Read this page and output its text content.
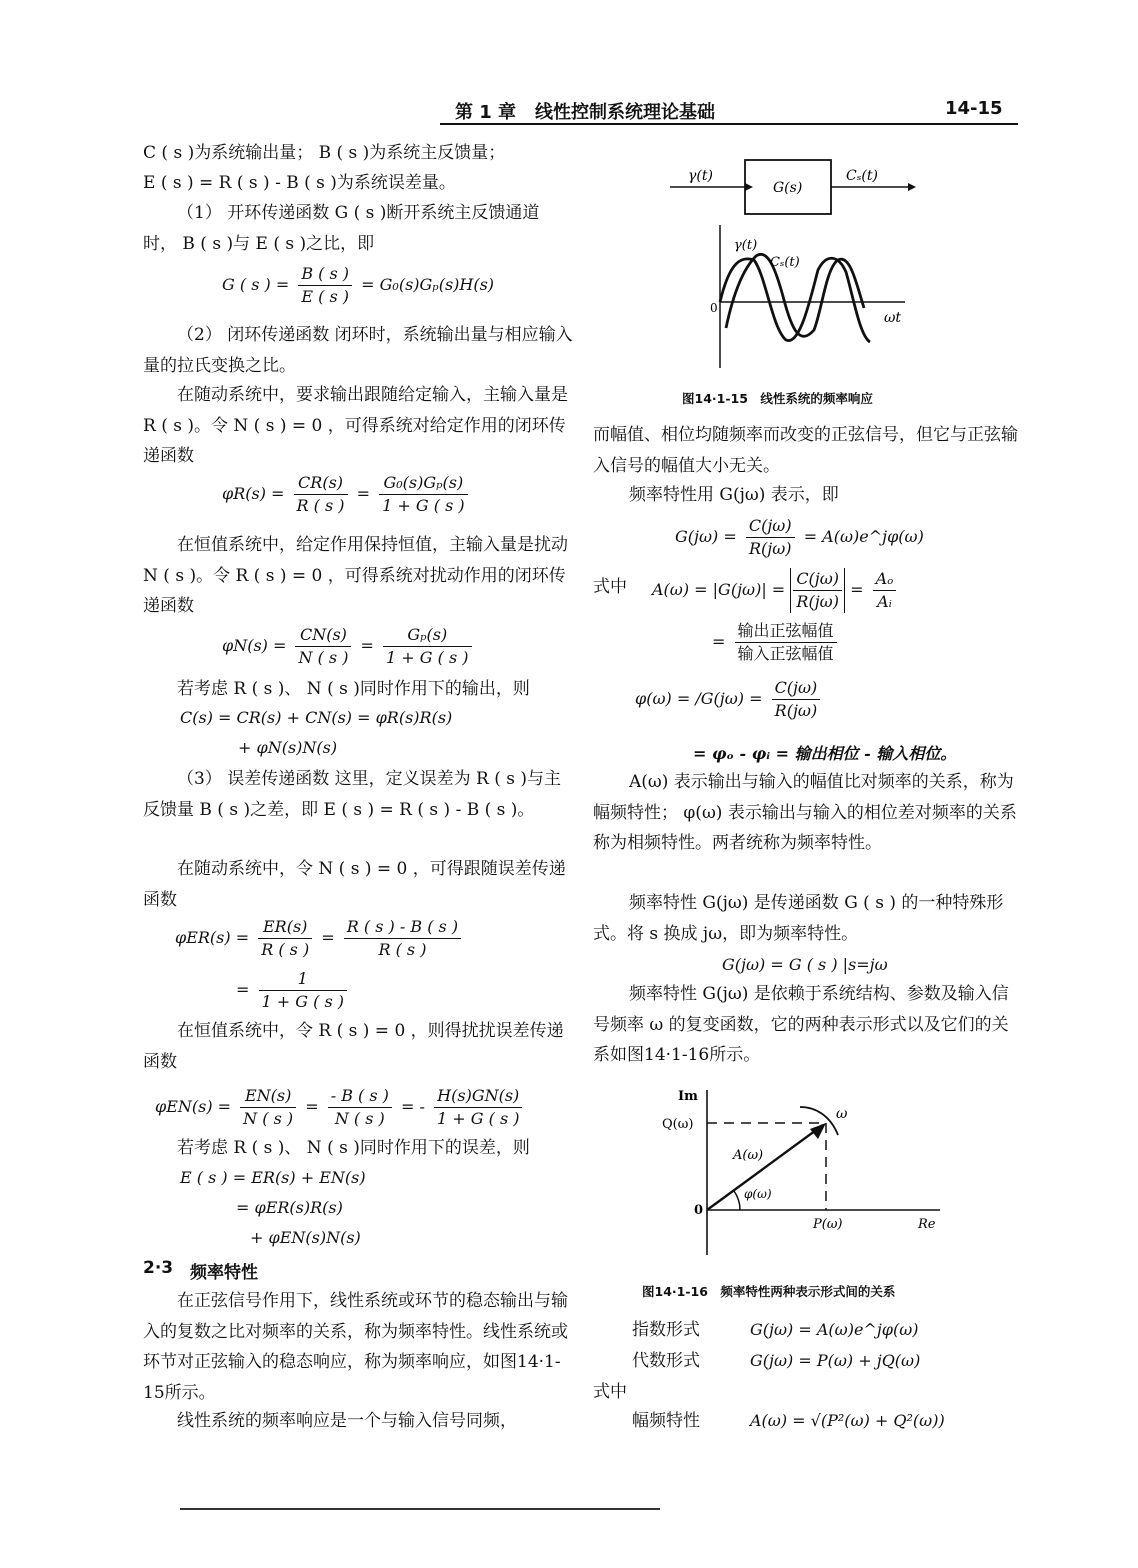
第 1 章 线性控制系统理论基础	14-15
C ( s )为系统输出量； B ( s )为系统主反馈量；
E ( s ) = R ( s ) - B ( s )为系统误差量。
（1） 开环传递函数 G ( s )断开系统主反馈通道时， B ( s )与 E ( s )之比，即
G ( s ) = $\frac{B ( s )}{E ( s )} = G_0(s)G_p(s)H(s)$
（2） 闭环传递函数 闭环时，系统输出量与相应输入量的拉氏变换之比。
在随动系统中，要求输出跟随给定输入，主输入量是 R ( s )。令 N ( s ) = 0 ，可得系统对给定作用的闭环传递函数
$\varphi R(s) = \frac{CR(s)}{R ( s )} = \frac{\text{G₀(s)Gₚ(s)}}{1 + G ( s )}$
在恒值系统中，给定作用保持恒值，主输入量是扰动 N ( s )。令 R ( s ) = 0 ，可得系统对扰动作用的闭环传递函数
$\varphi N(s) = \frac{CN(s)}{N ( s )} = \frac{\text{Gₚ(s)}}{1 + G ( s )}$
若考虑 R ( s )、 N ( s )同时作用下的输出，则
C(s) = CR(s) + CN(s) = φR(s)R(s)
+ φN(s)N(s)
（3） 误差传递函数 这里，定义误差为 R ( s )与主反馈量 B ( s )之差，即 E ( s ) = R ( s ) - B ( s )。
在随动系统中，令 N ( s ) = 0 ，可得跟随误差传递函数
$\varphi ER(s) = \frac{ER(s)}{R ( s )} = \frac{R ( s ) - B ( s )}{R ( s )}$
= $\frac{1}{1 + G ( s )}$
在恒值系统中，令 R ( s ) = 0 ，则得扰扰误差传递函数
$\varphi EN(s) = \frac{EN(s)}{N ( s )} = \frac{- B ( s )}{N ( s )}$ = - $\frac{H(s)GN(s)}{1 + G ( s )}$
若考虑 R ( s )、 N ( s )同时作用下的误差，则
E ( s ) = ER(s) + EN(s)
= φER(s)R(s)
+ φEN(s)N(s)
2·3 频率特性
在正弦信号作用下，线性系统或环节的稳态输出与输入的复数之比对频率的关系，称为频率特性。线性系统或环节对正弦输入的稳态响应，称为频率响应，如图14·1-15所示。
线性系统的频率响应是一个与输入信号同频，
γ(t)
G(s)
Cₛ(t)
γ(t)
Cₛ(t)
0
ωt
图14·1-15　线性系统的频率响应
而幅值、相位均随频率而改变的正弦信号，但它与正弦输入信号的幅值大小无关。
频率特性用 G(jω) 表示，即
$G(j\omega) = \frac{C(j\omega)}{R(j\omega)}$ = A(ω)e^jφ(ω)
式中 $A(\omega) = |G(j\omega)| = \frac{C(j\omega)}{R(j\omega)} = \frac{\text{Aₒ}}{\text{Aᵢ}}$
= $\frac{\text{输出正弦幅值}}{\text{输入正弦幅值}}$
$\varphi(\omega) = /G(j\omega) = \frac{C(j\omega)}{R(j\omega)}$
= φₒ - φᵢ = 输出相位 - 输入相位。
A(ω) 表示输出与输入的幅值比对频率的关系，称为幅频特性； φ(ω) 表示输出与输入的相位差对频率的关系称为相频特性。两者统称为频率特性。
频率特性 G(jω) 是传递函数 G ( s ) 的一种特殊形式。将 s 换成 jω，即为频率特性。
G(jω) = G ( s ) |s=jω
频率特性 G(jω) 是依赖于系统结构、参数及输入信号频率 ω 的复变函数，它的两种表示形式以及它们的关系如图14·1-16所示。
Im
Q(ω)
0
A(ω)
φ(ω)
ω
P(ω)	Re
图14·1-16　频率特性两种表示形式间的关系
指数形式	G(jω) = A(ω)e^jφ(ω)
代数形式	G(jω) = P(ω) + jQ(ω)
式中
幅频特性	A(ω) = √(P²(ω) + Q²(ω))
